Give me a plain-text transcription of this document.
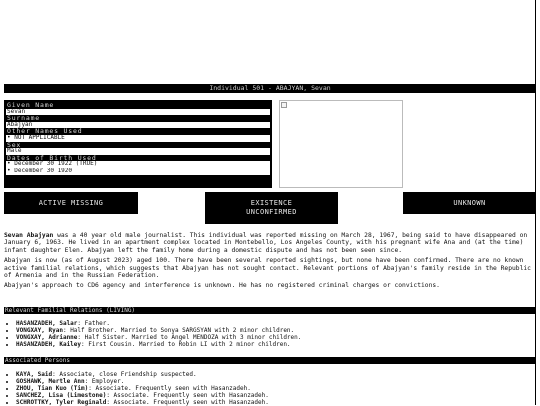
Individual 501 - ABAJYAN, Sevan
Given Name
Sevan
Surname
Abajyan
Other Names Used
• NOT APPLICABLE
Sex
Male
Dates of Birth Used
• December 30 1922 (TRUE)
• December 30 1920
ACTIVE MISSING	EXISTENCE
UNCONFIRMED
UNKNOWN

Sevan Abajyan was a 40 year old male journalist. This individual was reported missing on March 28, 1967, being said to have disappeared on January 6, 1963. He lived in an apartment complex located in Montebello, Los Angeles County, with his pregnant wife Ana and (at the time) infant daughter Elen. Abajyan left the family home during a domestic dispute and has not been seen since.

Abajyan is now (as of August 2023) aged 100. There have been several reported sightings, but none have been confirmed. There are no known active familial relations, which suggests that Abajyan has not sought contact. Relevant portions of Abajyan's family reside in the Republic of Armenia and in the Russian Federation.

Abajyan's approach to CD6 agency and interference is unknown. He has no registered criminal charges or convictions.

Relevant Familial Relations (LIVING)
• HASANZADEH, Salar: Father.
• VONGXAY, Ryan: Half Brother. Married to Sonya SARGSYAN with 2 minor children.
• VONGXAY, Adrianne: Half Sister. Married to Ángel MENDOZA with 3 minor children.
• HASANZADEH, Kailey: First Cousin. Married to Robin LI with 2 minor children.
Associated Persons
• KAYA, Said: Associate, close Friendship suspected.
• GOSHAWK, Mertle Ann: Employer.
• ZHOU, Tian Kuo (Tim): Associate. Frequently seen with Hasanzadeh.
• SANCHEZ, Lisa (Limestone): Associate. Frequently seen with Hasanzadeh.
• SCHROTTKY, Tyler Reginald: Associate. Frequently seen with Hasanzadeh.
